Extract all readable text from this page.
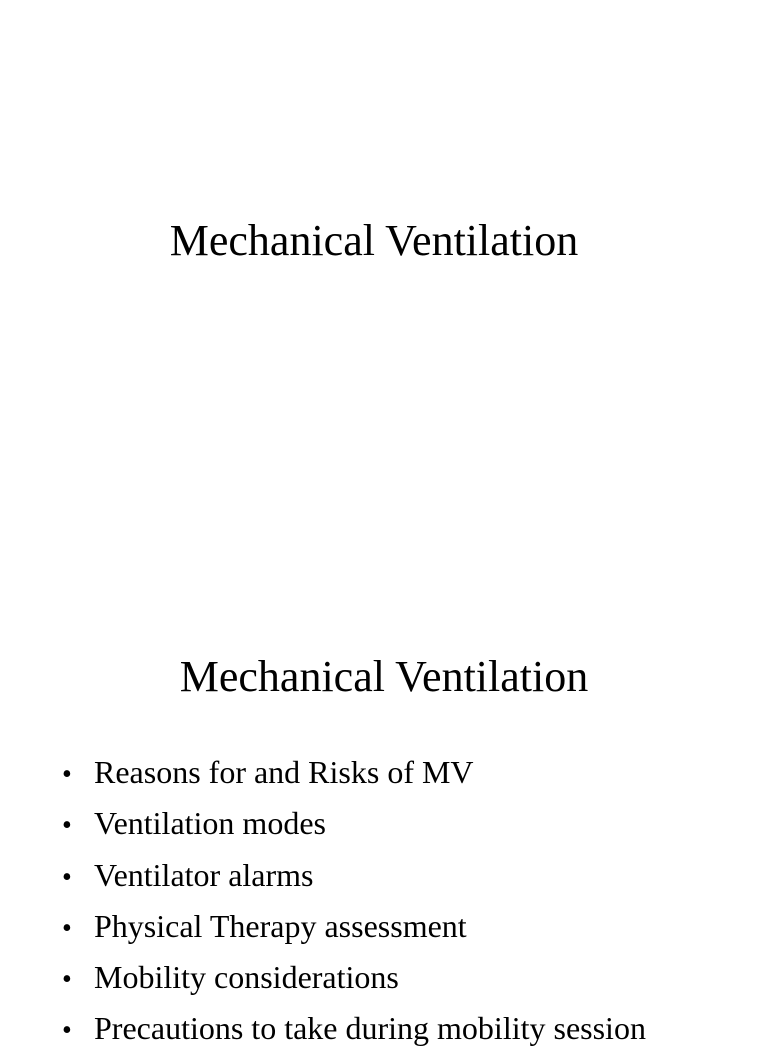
Mechanical Ventilation
Mechanical Ventilation
• Reasons for and Risks of MV
• Ventilation modes
• Ventilator alarms
• Physical Therapy assessment
• Mobility considerations
• Precautions to take during mobility session
